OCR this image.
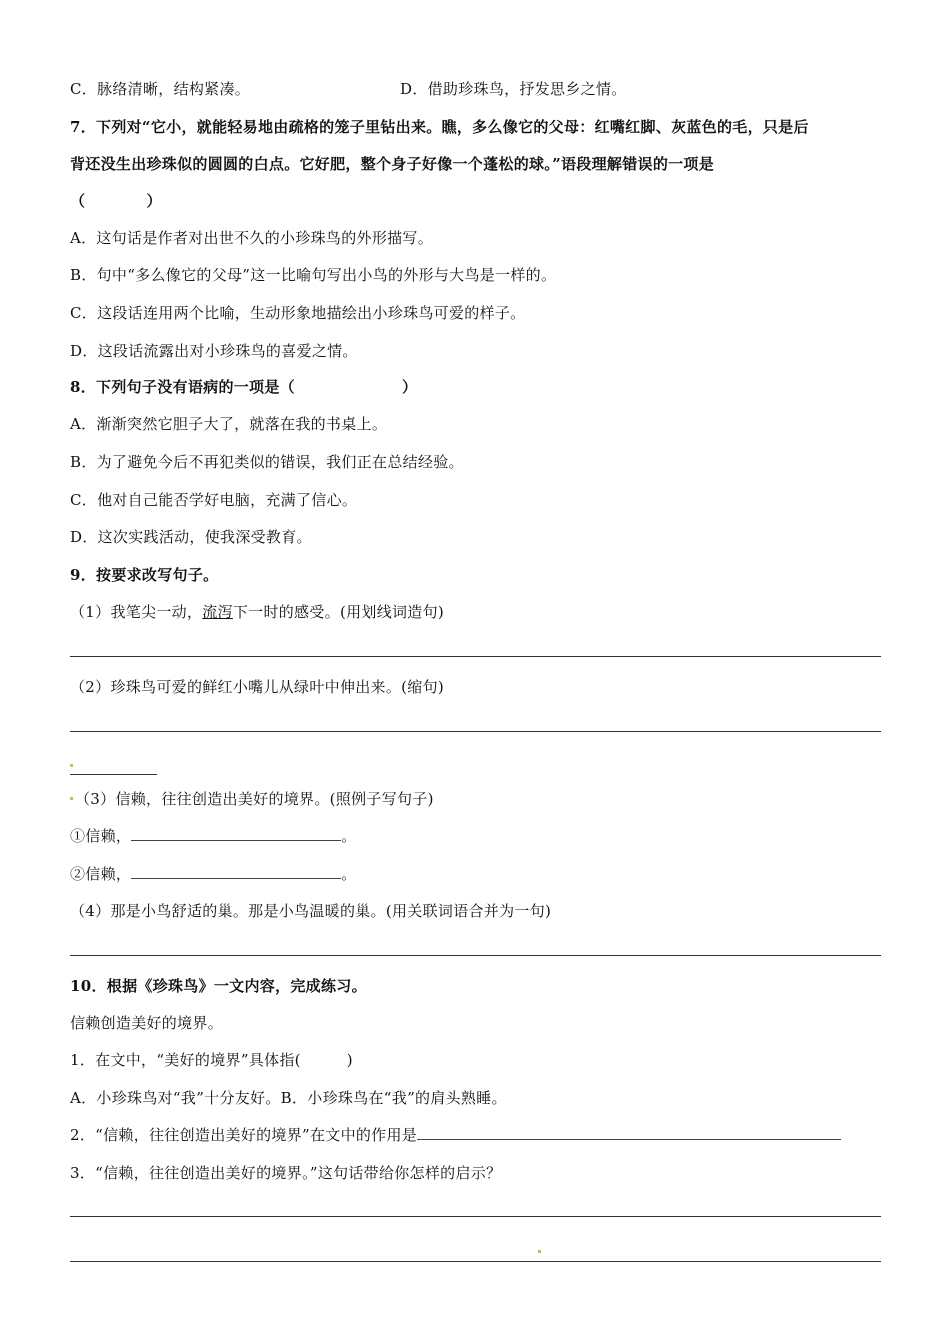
C．脉络清晰，结构紧凑。	D．借助珍珠鸟，抒发思乡之情。
7．下列对“它小，就能轻易地由疏格的笼子里钻出来。瞧，多么像它的父母：红嘴红脚、灰蓝色的毛，只是后
背还没生出珍珠似的圆圆的白点。它好肥，整个身子好像一个蓬松的球。”语段理解错误的一项是
（　　　　）
A．这句话是作者对出世不久的小珍珠鸟的外形描写。
B．句中“多么像它的父母”这一比喻句写出小鸟的外形与大鸟是一样的。
C．这段话连用两个比喻，生动形象地描绘出小珍珠鸟可爱的样子。
D．这段话流露出对小珍珠鸟的喜爱之情。
8．下列句子没有语病的一项是（　　　　　　　）
A．渐渐突然它胆子大了，就落在我的书桌上。
B．为了避免今后不再犯类似的错误，我们正在总结经验。
C．他对自己能否学好电脑，充满了信心。
D．这次实践活动，使我深受教育。
9．按要求改写句子。
（1）我笔尖一动，流泻下一时的感受。(用划线词造句)
（2）珍珠鸟可爱的鲜红小嘴儿从绿叶中伸出来。(缩句)
（3）信赖，往往创造出美好的境界。(照例子写句子)
①信赖，	。
②信赖，	。
（4）那是小鸟舒适的巢。那是小鸟温暖的巢。(用关联词语合并为一句)
10．根据《珍珠鸟》一文内容，完成练习。
信赖创造美好的境界。
1．在文中，“美好的境界”具体指(　　　)
A．小珍珠鸟对“我”十分友好。B．小珍珠鸟在“我”的肩头熟睡。
2．“信赖，往往创造出美好的境界”在文中的作用是
3．“信赖，往往创造出美好的境界。”这句话带给你怎样的启示？
